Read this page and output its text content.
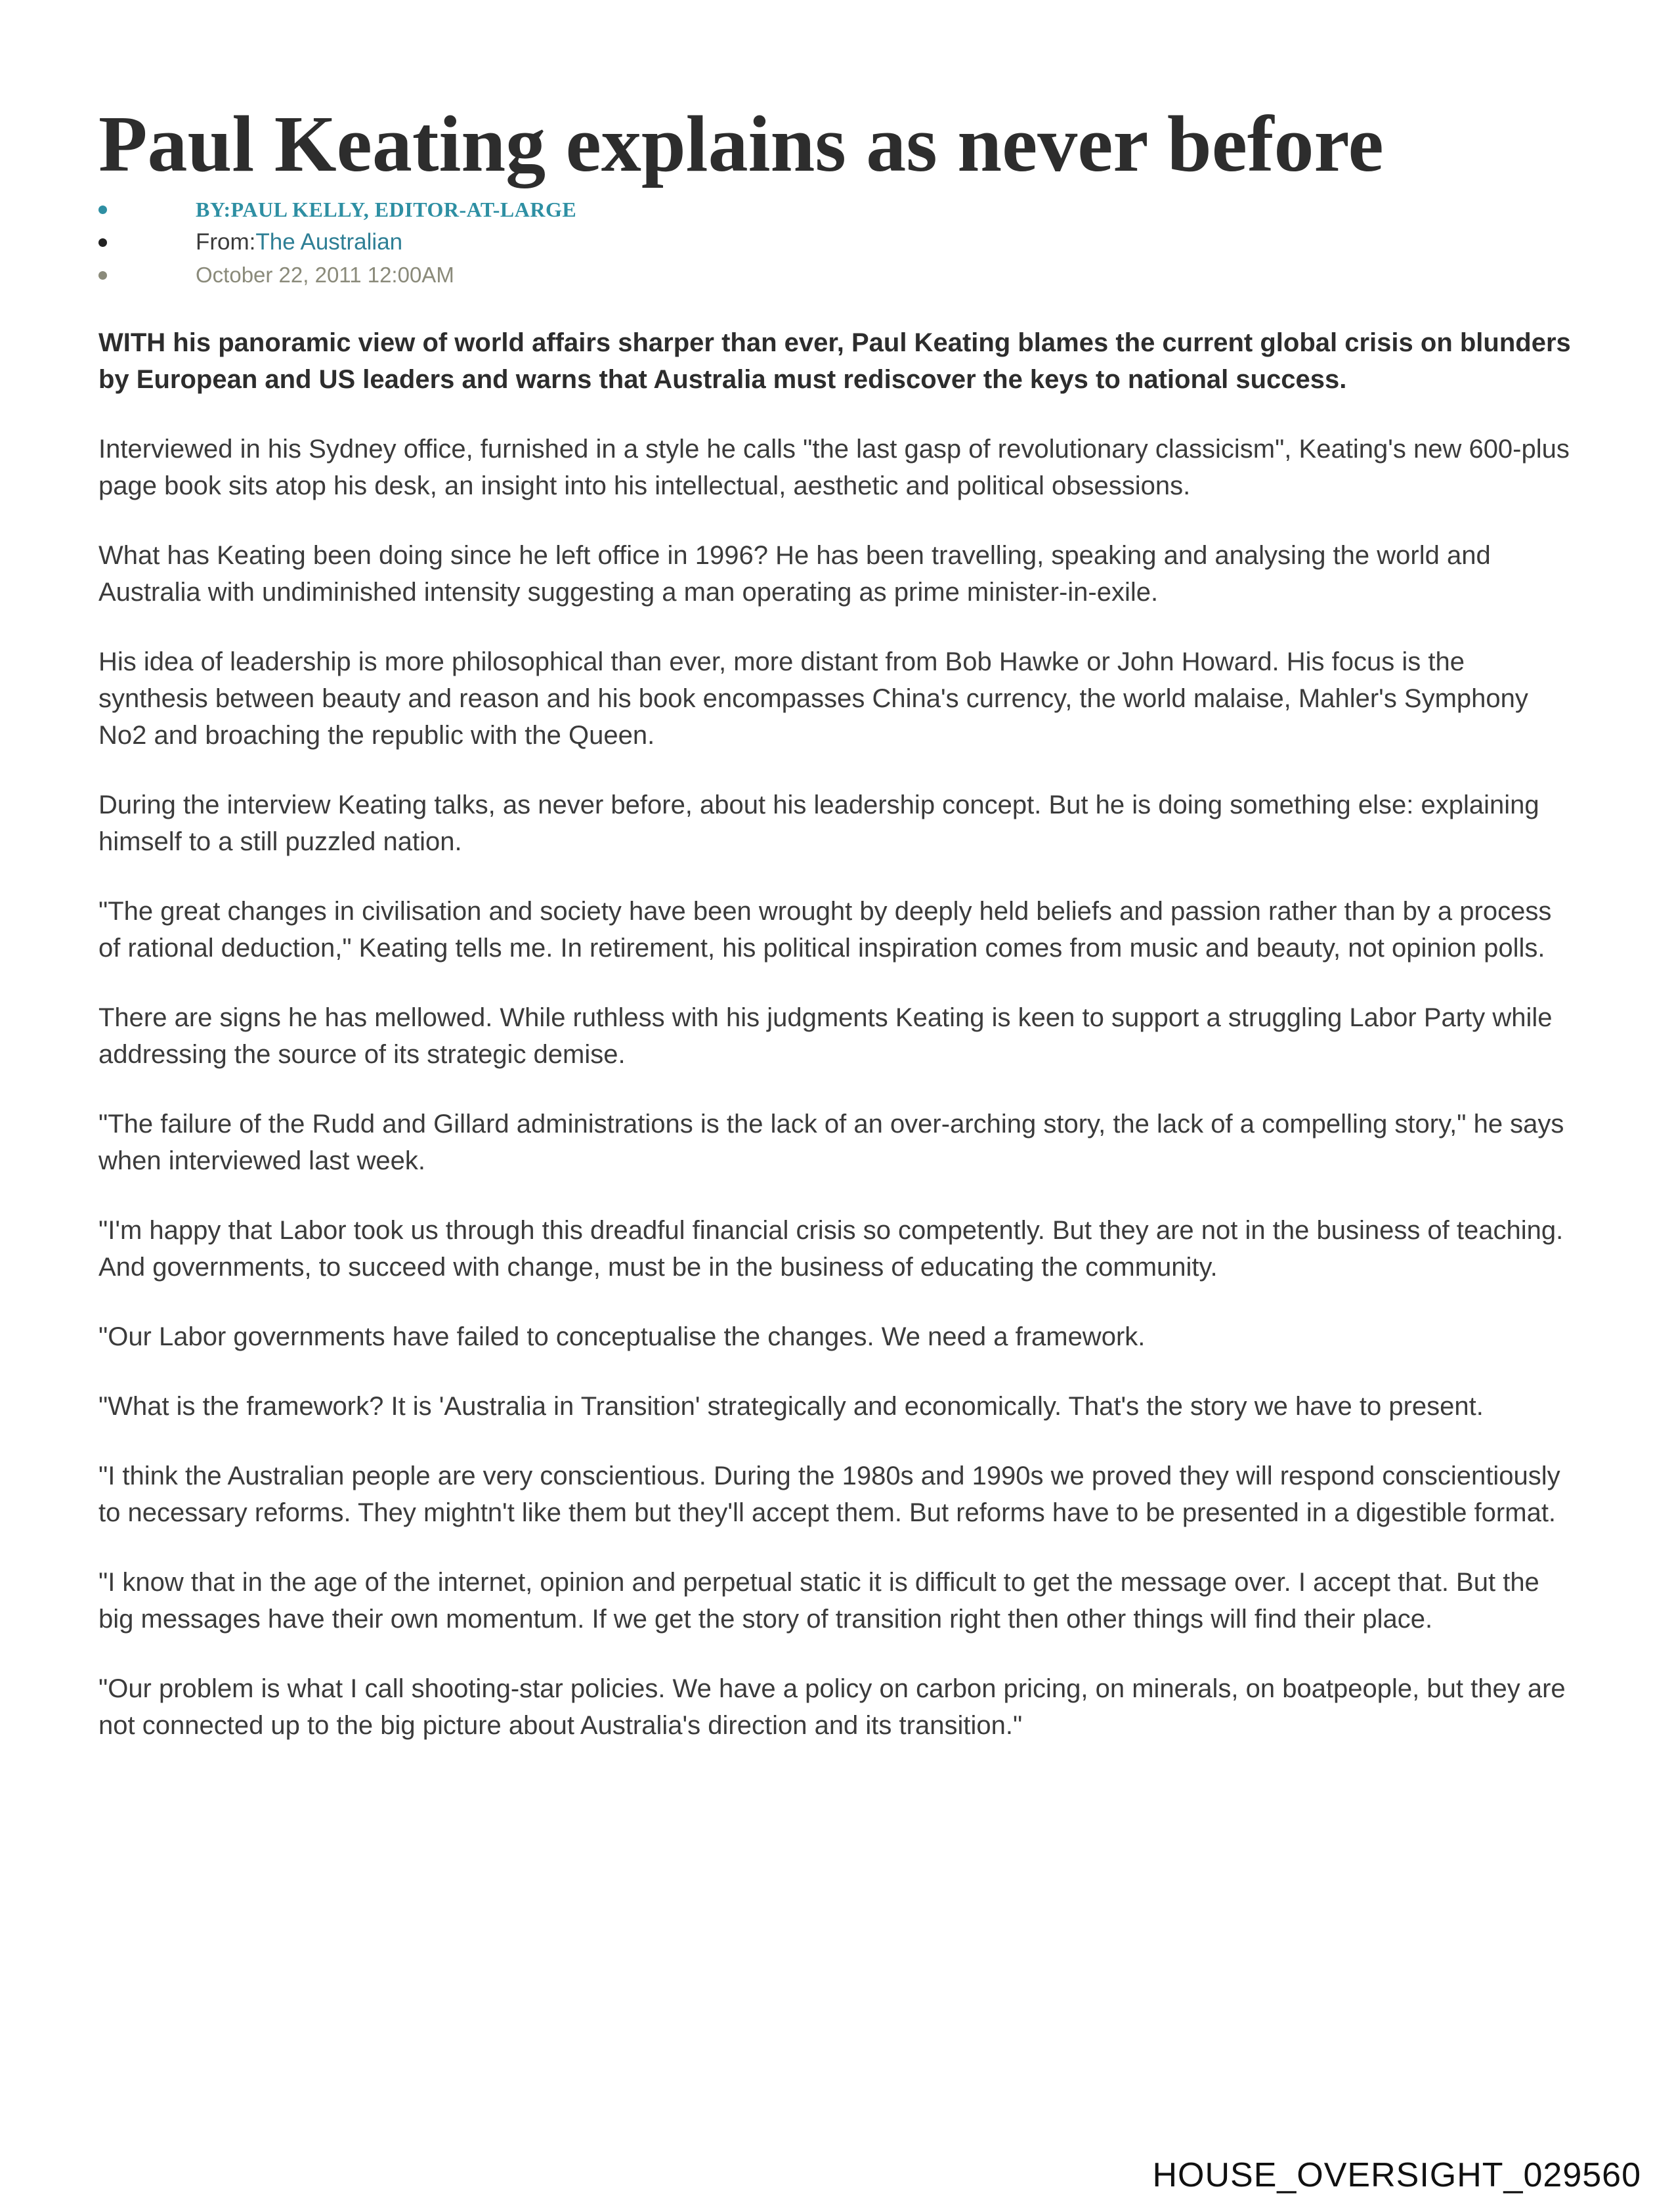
Paul Keating explains as never before
BY:PAUL KELLY, EDITOR-AT-LARGE
From:The Australian
October 22, 2011 12:00AM

WITH his panoramic view of world affairs sharper than ever, Paul Keating blames the current global crisis on blunders by European and US leaders and warns that Australia must rediscover the keys to national success.

Interviewed in his Sydney office, furnished in a style he calls "the last gasp of revolutionary classicism", Keating's new 600-plus page book sits atop his desk, an insight into his intellectual, aesthetic and political obsessions.

What has Keating been doing since he left office in 1996? He has been travelling, speaking and analysing the world and Australia with undiminished intensity suggesting a man operating as prime minister-in-exile.

His idea of leadership is more philosophical than ever, more distant from Bob Hawke or John Howard. His focus is the synthesis between beauty and reason and his book encompasses China's currency, the world malaise, Mahler's Symphony No2 and broaching the republic with the Queen.

During the interview Keating talks, as never before, about his leadership concept. But he is doing something else: explaining himself to a still puzzled nation.

"The great changes in civilisation and society have been wrought by deeply held beliefs and passion rather than by a process of rational deduction," Keating tells me. In retirement, his political inspiration comes from music and beauty, not opinion polls.

There are signs he has mellowed. While ruthless with his judgments Keating is keen to support a struggling Labor Party while addressing the source of its strategic demise.

"The failure of the Rudd and Gillard administrations is the lack of an over-arching story, the lack of a compelling story," he says when interviewed last week.

"I'm happy that Labor took us through this dreadful financial crisis so competently. But they are not in the business of teaching. And governments, to succeed with change, must be in the business of educating the community.

"Our Labor governments have failed to conceptualise the changes. We need a framework.

"What is the framework? It is 'Australia in Transition' strategically and economically. That's the story we have to present.

"I think the Australian people are very conscientious. During the 1980s and 1990s we proved they will respond conscientiously to necessary reforms. They mightn't like them but they'll accept them. But reforms have to be presented in a digestible format.

"I know that in the age of the internet, opinion and perpetual static it is difficult to get the message over. I accept that. But the big messages have their own momentum. If we get the story of transition right then other things will find their place.

"Our problem is what I call shooting-star policies. We have a policy on carbon pricing, on minerals, on boatpeople, but they are not connected up to the big picture about Australia's direction and its transition."

HOUSE_OVERSIGHT_029560
